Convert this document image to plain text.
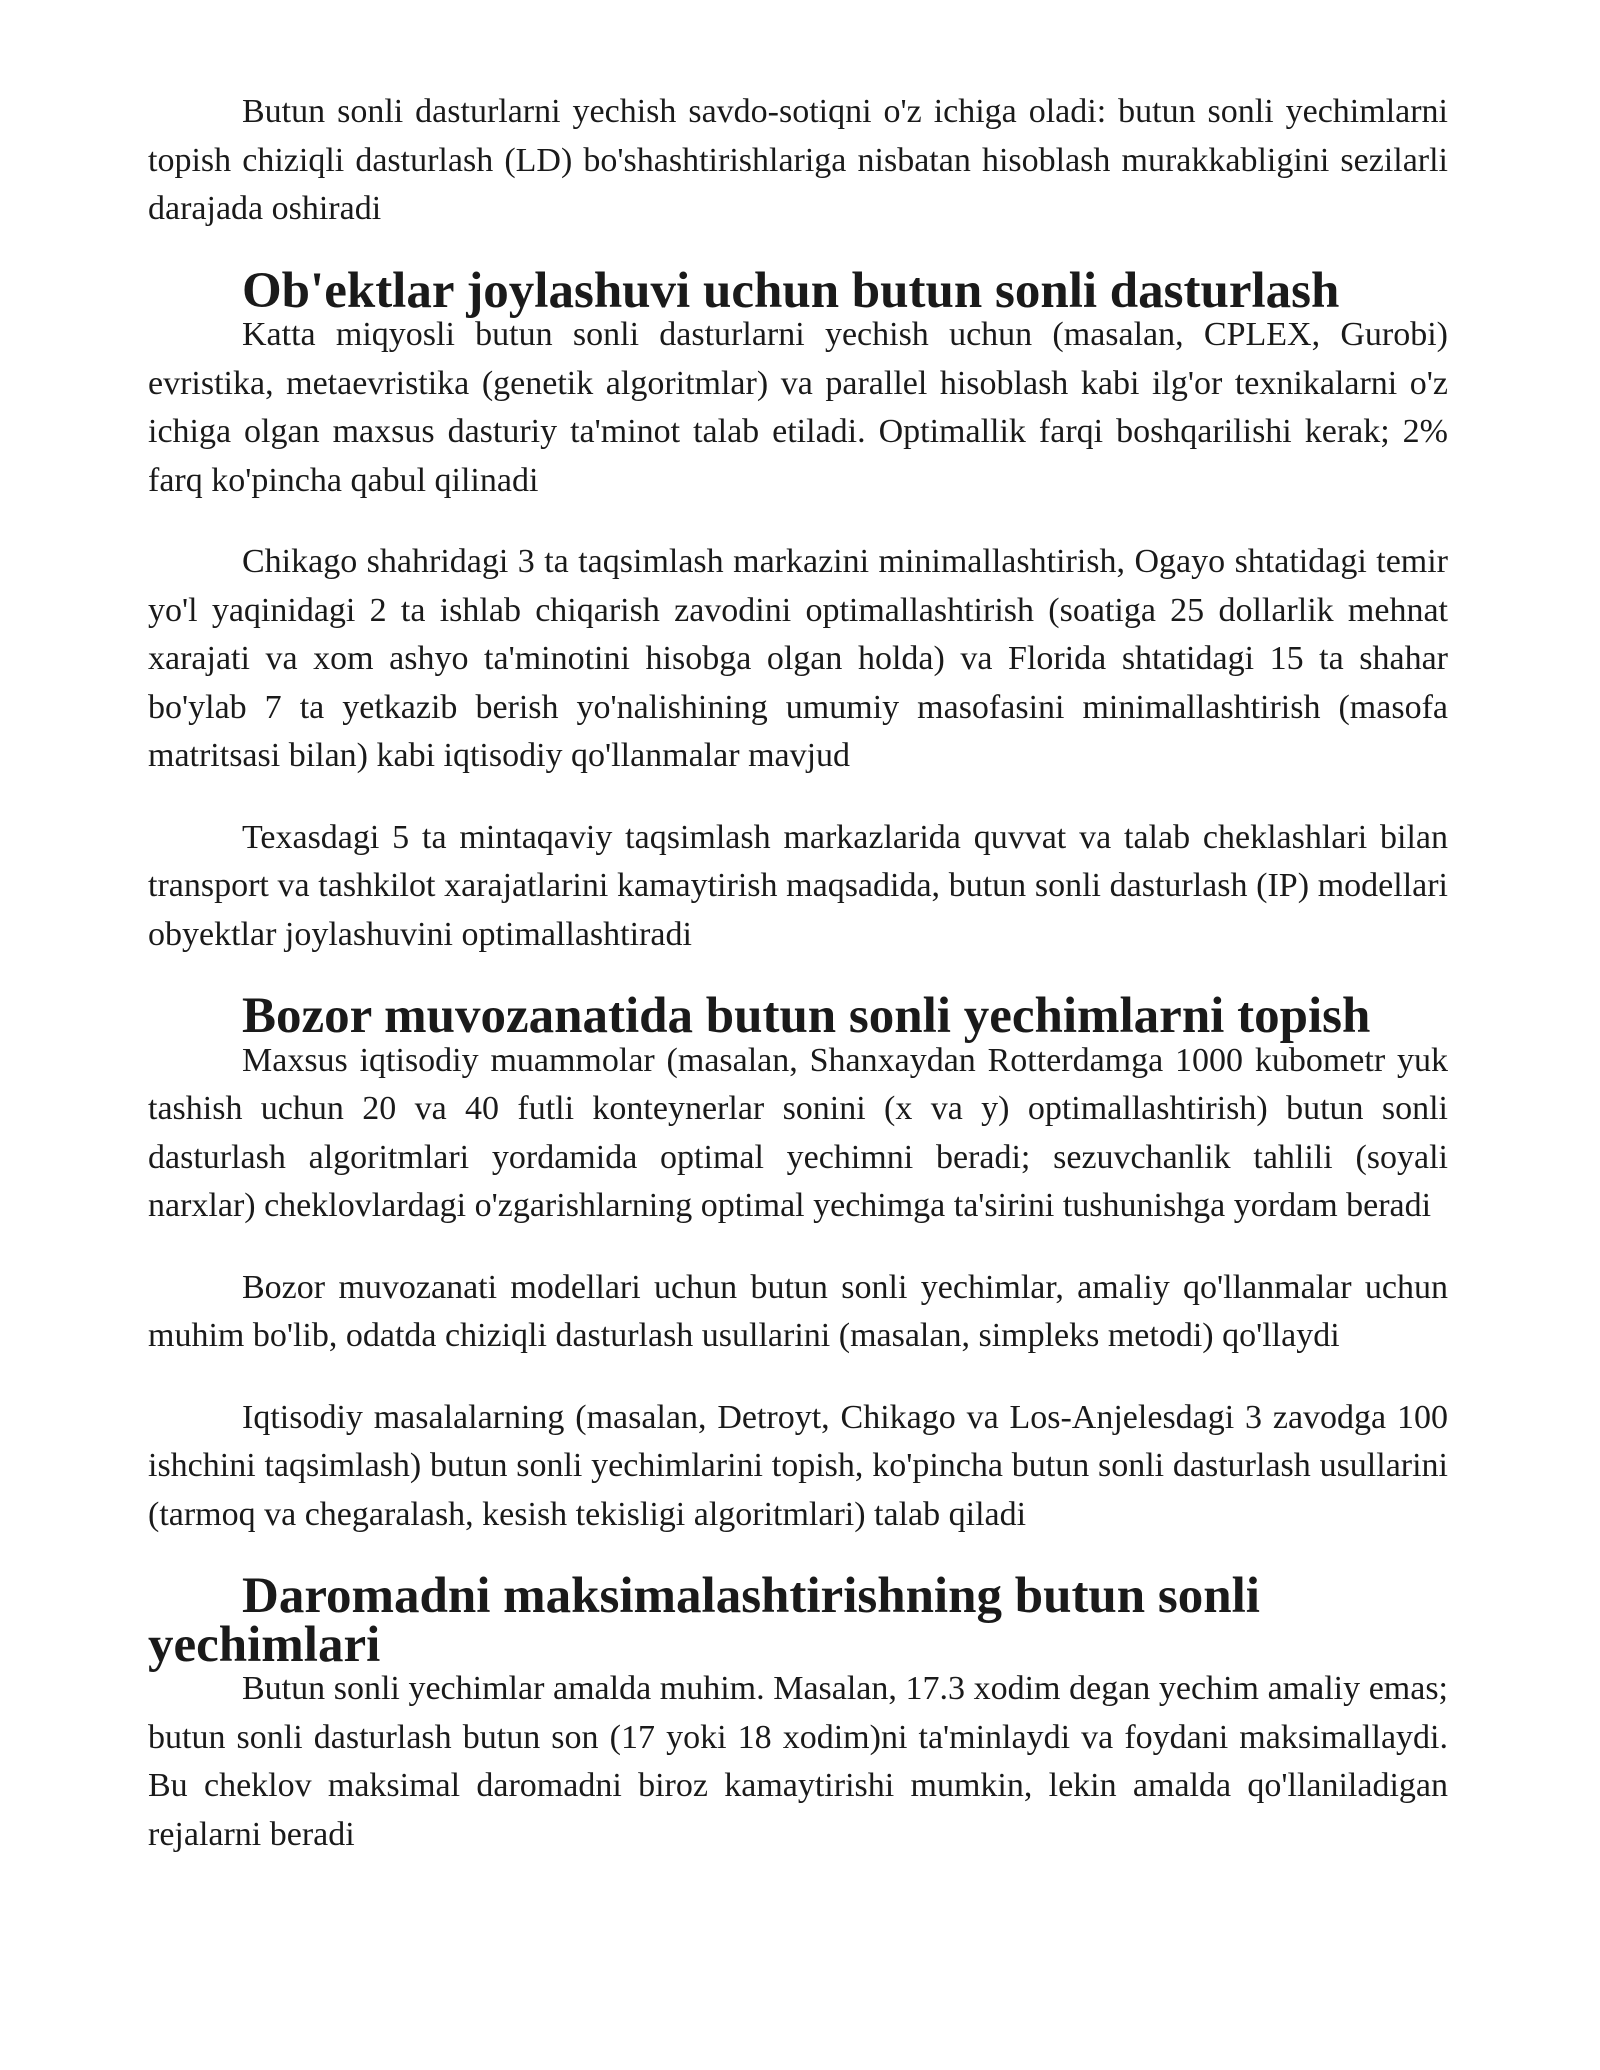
Butun sonli dasturlarni yechish savdo-sotiqni o'z ichiga oladi: butun sonli yechimlarni topish chiziqli dasturlash (LD) bo'shashtirishlariga nisbatan hisoblash murakkabligini sezilarli darajada oshiradi

Ob'ektlar joylashuvi uchun butun sonli dasturlash

Katta miqyosli butun sonli dasturlarni yechish uchun (masalan, CPLEX, Gurobi) evristika, metaevristika (genetik algoritmlar) va parallel hisoblash kabi ilg'or texnikalarni o'z ichiga olgan maxsus dasturiy ta'minot talab etiladi. Optimallik farqi boshqarilishi kerak; 2% farq ko'pincha qabul qilinadi

Chikago shahridagi 3 ta taqsimlash markazini minimallashtirish, Ogayo shtatidagi temir yo'l yaqinidagi 2 ta ishlab chiqarish zavodini optimallashtirish (soatiga 25 dollarlik mehnat xarajati va xom ashyo ta'minotini hisobga olgan holda) va Florida shtatidagi 15 ta shahar bo'ylab 7 ta yetkazib berish yo'nalishining umumiy masofasini minimallashtirish (masofa matritsasi bilan) kabi iqtisodiy qo'llanmalar mavjud

Texasdagi 5 ta mintaqaviy taqsimlash markazlarida quvvat va talab cheklashlari bilan transport va tashkilot xarajatlarini kamaytirish maqsadida, butun sonli dasturlash (IP) modellari obyektlar joylashuvini optimallashtiradi

Bozor muvozanatida butun sonli yechimlarni topish

Maxsus iqtisodiy muammolar (masalan, Shanxaydan Rotterdamga 1000 kubometr yuk tashish uchun 20 va 40 futli konteynerlar sonini (x va y) optimallashtirish) butun sonli dasturlash algoritmlari yordamida optimal yechimni beradi; sezuvchanlik tahlili (soyali narxlar) cheklovlardagi o'zgarishlarning optimal yechimga ta'sirini tushunishga yordam beradi

Bozor muvozanati modellari uchun butun sonli yechimlar, amaliy qo'llanmalar uchun muhim bo'lib, odatda chiziqli dasturlash usullarini (masalan, simpleks metodi) qo'llaydi

Iqtisodiy masalalarning (masalan, Detroyt, Chikago va Los-Anjelesdagi 3 zavodga 100 ishchini taqsimlash) butun sonli yechimlarini topish, ko'pincha butun sonli dasturlash usullarini (tarmoq va chegaralash, kesish tekisligi algoritmlari) talab qiladi

Daromadni maksimalashtirishning butun sonli yechimlari

Butun sonli yechimlar amalda muhim. Masalan, 17.3 xodim degan yechim amaliy emas; butun sonli dasturlash butun son (17 yoki 18 xodim)ni ta'minlaydi va foydani maksimallaydi. Bu cheklov maksimal daromadni biroz kamaytirishi mumkin, lekin amalda qo'llaniladigan rejalarni beradi
